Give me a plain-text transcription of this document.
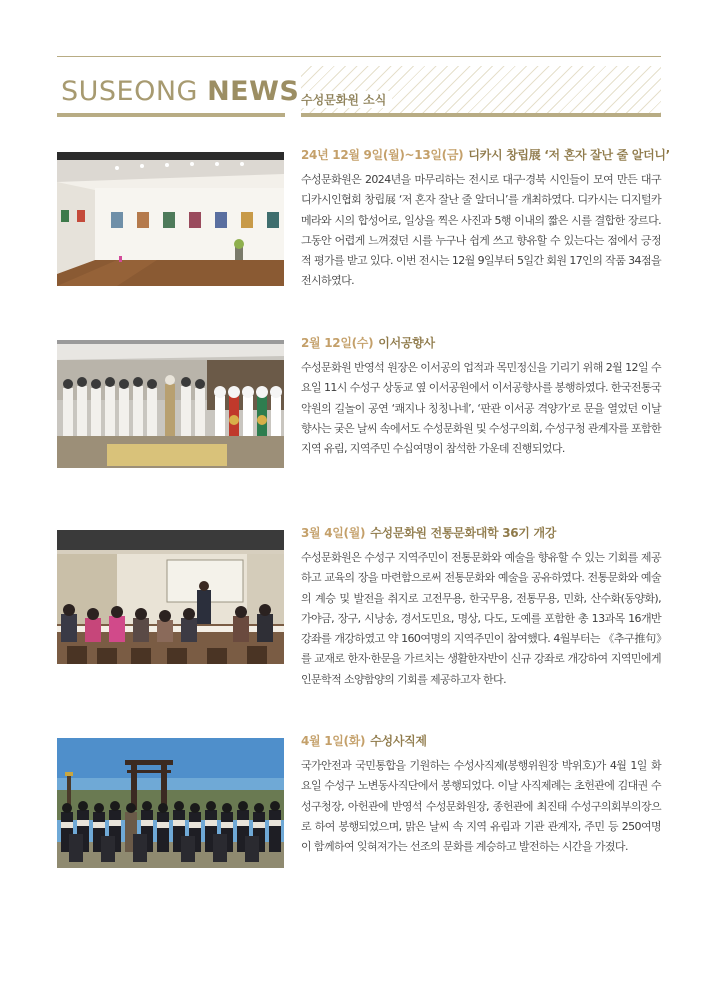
SUSEONG NEWS 수성문화원 소식
24년 12월 9일(월)~13일(금) 디카시 창립展 ‘저 혼자 잘난 줄 알더니’

수성문화원은 2024년을 마무리하는 전시로 대구·경북 시인들이 모여 만든 대구디카시인협회 창립展 ‘저 혼자 잘난 줄 알더니’를 개최하였다. 디카시는 디지털카메라와 시의 합성어로, 일상을 찍은 사진과 5행 이내의 짧은 시를 결합한 장르다. 그동안 어렵게 느껴졌던 시를 누구나 쉽게 쓰고 향유할 수 있는다는 점에서 긍정적 평가를 받고 있다. 이번 전시는 12월 9일부터 5일간 회원 17인의 작품 34점을 전시하였다.

2월 12일(수) 이서공향사

수성문화원 반영석 원장은 이서공의 업적과 목민정신을 기리기 위해 2월 12일 수요일 11시 수성구 상동교 옆 이서공원에서 이서공향사를 봉행하였다. 한국전통국악원의 길놀이 공연 ‘쾌지나 칭칭나네’, ‘판관 이서공 격양가’로 문을 열었던 이날 향사는 궂은 날씨 속에서도 수성문화원 및 수성구의회, 수성구청 관계자를 포함한 지역 유림, 지역주민 수십여명이 참석한 가운데 진행되었다.

3월 4일(월) 수성문화원 전통문화대학 36기 개강

수성문화원은 수성구 지역주민이 전통문화와 예술을 향유할 수 있는 기회를 제공하고 교육의 장을 마련함으로써 전통문화와 예술을 공유하였다. 전통문화와 예술의 계승 및 발전을 취지로 고전무용, 한국무용, 전통무용, 민화, 산수화(동양화), 가야금, 장구, 시낭송, 경서도민요, 명상, 다도, 도예를 포함한 총 13과목 16개반 강좌를 개강하였고 약 160여명의 지역주민이 참여했다. 4월부터는 《추구推句》를 교재로 한자·한문을 가르치는 생활한자반이 신규 강좌로 개강하여 지역민에게 인문학적 소양함양의 기회를 제공하고자 한다.

4월 1일(화) 수성사직제

국가안전과 국민통합을 기원하는 수성사직제(봉행위원장 박위호)가 4월 1일 화요일 수성구 노변동사직단에서 봉행되었다. 이날 사직제례는 초헌관에 김대권 수성구청장, 아헌관에 반영석 수성문화원장, 종헌관에 최진태 수성구의회부의장으로 하여 봉행되었으며, 맑은 날씨 속 지역 유림과 기관 관계자, 주민 등 250여명이 함께하여 잊혀져가는 선조의 문화를 계승하고 발전하는 시간을 가졌다.
